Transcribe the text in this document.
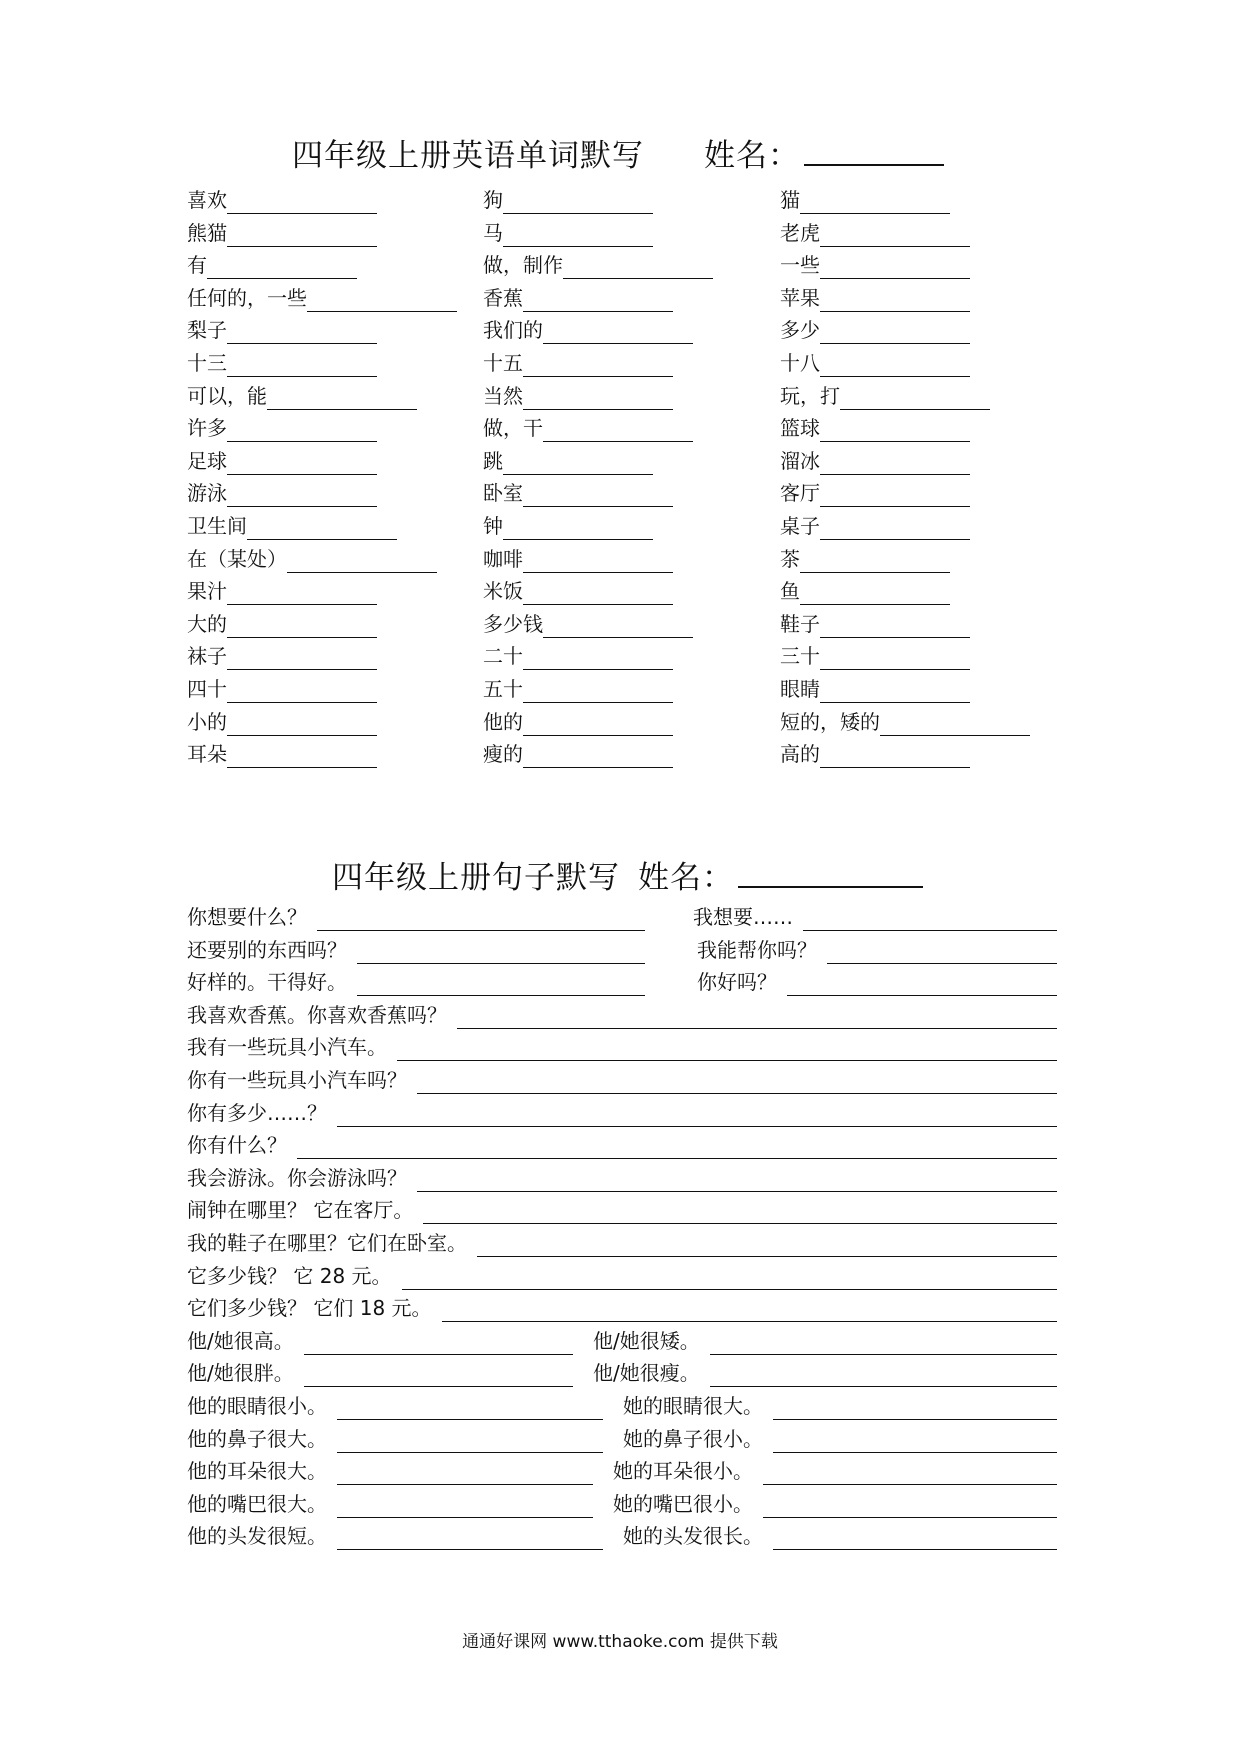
四年级上册英语单词默写 姓名：
喜欢	狗	猫
熊猫	马	老虎
有	做，制作	一些
任何的，一些	香蕉	苹果
梨子	我们的	多少
十三	十五	十八
可以，能	当然	玩，打
许多	做，干	篮球
足球	跳	溜冰
游泳	卧室	客厅
卫生间	钟	桌子
在（某处）	咖啡	茶
果汁	米饭	鱼
大的	多少钱	鞋子
袜子	二十	三十
四十	五十	眼睛
小的	他的	短的，矮的
耳朵	瘦的	高的
四年级上册句子默写 姓名：
你想要什么？	我想要……
还要别的东西吗？	我能帮你吗？
好样的。干得好。	你好吗？
我喜欢香蕉。你喜欢香蕉吗？
我有一些玩具小汽车。
你有一些玩具小汽车吗？
你有多少……？
你有什么？
我会游泳。你会游泳吗？
闹钟在哪里？ 它在客厅。
我的鞋子在哪里？它们在卧室。
它多少钱？ 它 28 元。
它们多少钱？ 它们 18 元。
他/她很高。	他/她很矮。
他/她很胖。	他/她很瘦。
他的眼睛很小。	她的眼睛很大。
他的鼻子很大。	她的鼻子很小。
他的耳朵很大。	她的耳朵很小。
他的嘴巴很大。	她的嘴巴很小。
他的头发很短。	她的头发很长。
通通好课网 www.tthaoke.com 提供下载
